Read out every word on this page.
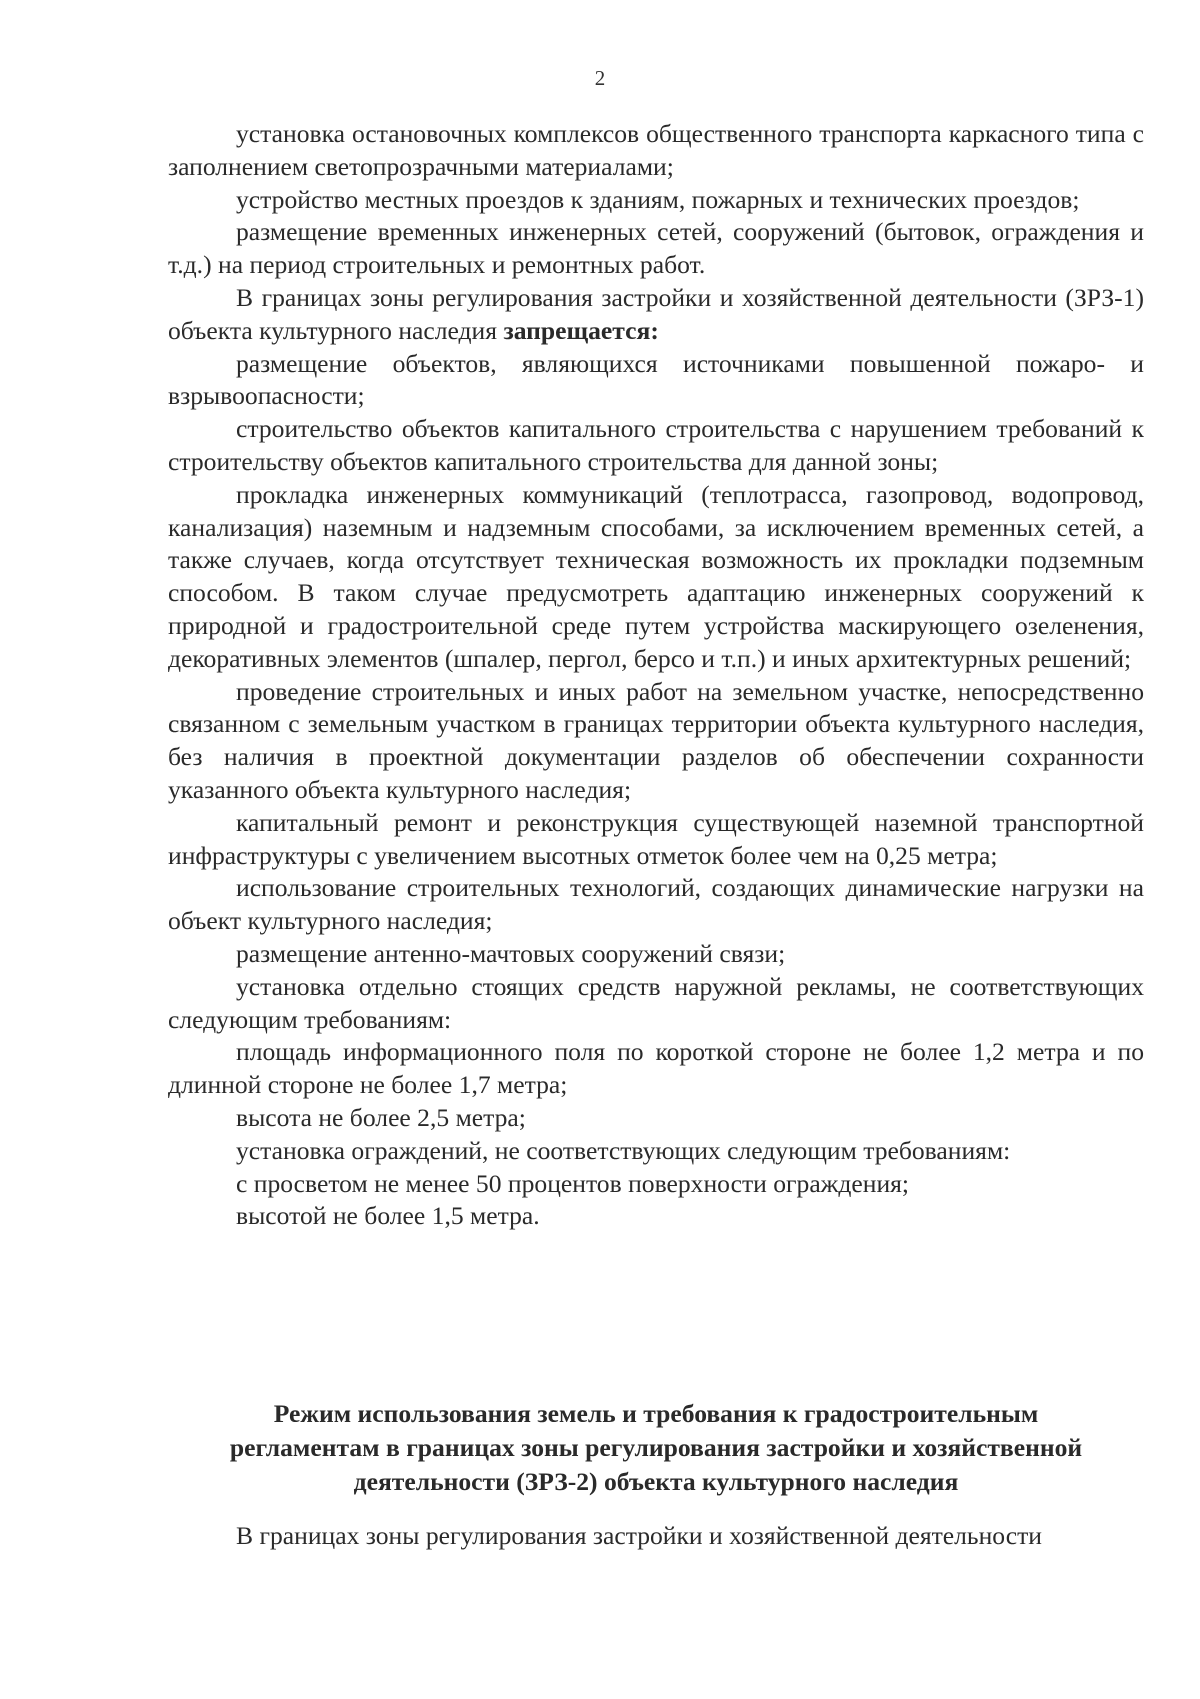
2

установка остановочных комплексов общественного транспорта каркасного типа с заполнением светопрозрачными материалами;

устройство местных проездов к зданиям, пожарных и технических проездов;

размещение временных инженерных сетей, сооружений (бытовок, ограждения и т.д.) на период строительных и ремонтных работ.

В границах зоны регулирования застройки и хозяйственной деятельности (ЗРЗ-1) объекта культурного наследия запрещается:

размещение объектов, являющихся источниками повышенной пожаро- и взрывоопасности;

строительство объектов капитального строительства с нарушением требований к строительству объектов капитального строительства для данной зоны;

прокладка инженерных коммуникаций (теплотрасса, газопровод, водопровод, канализация) наземным и надземным способами, за исключением временных сетей, а также случаев, когда отсутствует техническая возможность их прокладки подземным способом. В таком случае предусмотреть адаптацию инженерных сооружений к природной и градостроительной среде путем устройства маскирующего озеленения, декоративных элементов (шпалер, пергол, берсо и т.п.) и иных архитектурных решений;

проведение строительных и иных работ на земельном участке, непосредственно связанном с земельным участком в границах территории объекта культурного наследия, без наличия в проектной документации разделов об обеспечении сохранности указанного объекта культурного наследия;

капитальный ремонт и реконструкция существующей наземной транспортной инфраструктуры с увеличением высотных отметок более чем на 0,25 метра;

использование строительных технологий, создающих динамические нагрузки на объект культурного наследия;

размещение антенно-мачтовых сооружений связи;

установка отдельно стоящих средств наружной рекламы, не соответствующих следующим требованиям:

площадь информационного поля по короткой стороне не более 1,2 метра и по длинной стороне не более 1,7 метра;

высота не более 2,5 метра;

установка ограждений, не соответствующих следующим требованиям:

с просветом не менее 50 процентов поверхности ограждения;

высотой не более 1,5 метра.

Режим использования земель и требования к градостроительным
регламентам в границах зоны регулирования застройки и хозяйственной
деятельности (ЗРЗ-2) объекта культурного наследия

В границах зоны регулирования застройки и хозяйственной деятельности
